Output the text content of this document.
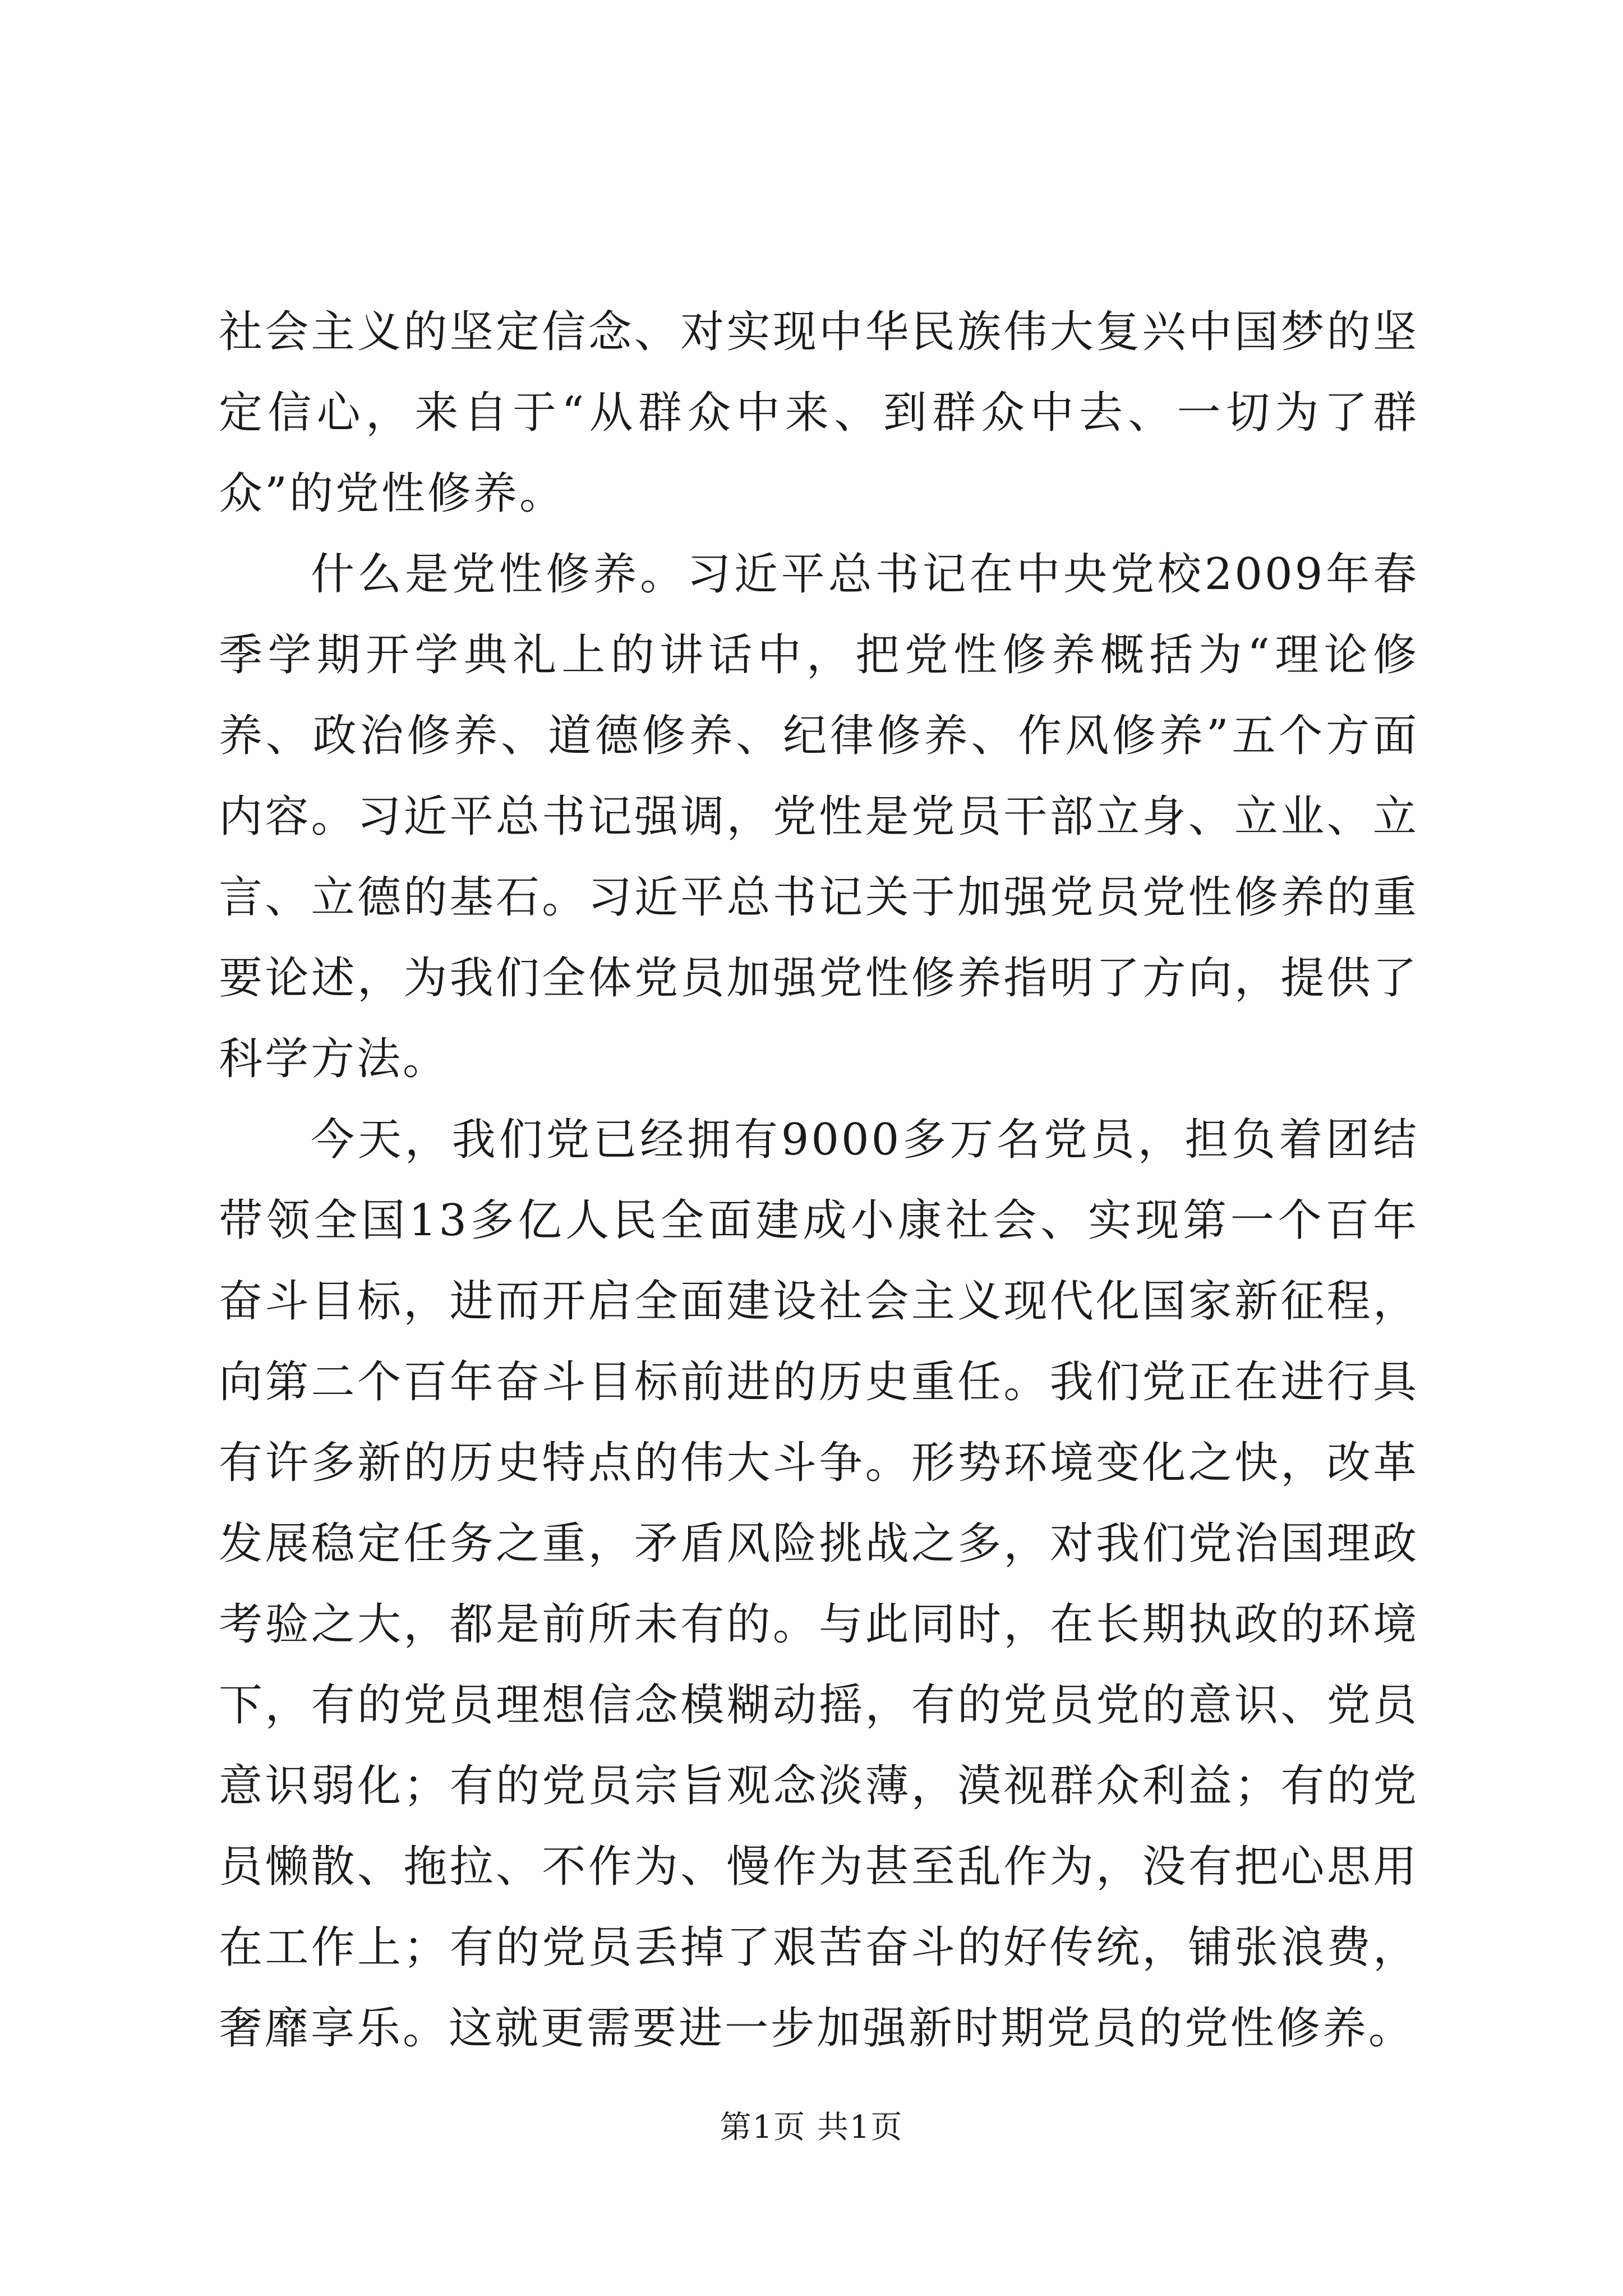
社会主义的坚定信念、对实现中华民族伟大复兴中国梦的坚定信心，来自于“从群众中来、到群众中去、一切为了群众”的党性修养。

什么是党性修养。习近平总书记在中央党校2009年春季学期开学典礼上的讲话中，把党性修养概括为“理论修养、政治修养、道德修养、纪律修养、作风修养”五个方面内容。习近平总书记强调，党性是党员干部立身、立业、立言、立德的基石。习近平总书记关于加强党员党性修养的重要论述，为我们全体党员加强党性修养指明了方向，提供了科学方法。

今天，我们党已经拥有9000多万名党员，担负着团结带领全国13多亿人民全面建成小康社会、实现第一个百年奋斗目标，进而开启全面建设社会主义现代化国家新征程，向第二个百年奋斗目标前进的历史重任。我们党正在进行具有许多新的历史特点的伟大斗争。形势环境变化之快，改革发展稳定任务之重，矛盾风险挑战之多，对我们党治国理政考验之大，都是前所未有的。与此同时，在长期执政的环境下，有的党员理想信念模糊动摇，有的党员党的意识、党员意识弱化；有的党员宗旨观念淡薄，漠视群众利益；有的党员懒散、拖拉、不作为、慢作为甚至乱作为，没有把心思用在工作上；有的党员丢掉了艰苦奋斗的好传统，铺张浪费，奢靡享乐。这就更需要进一步加强新时期党员的党性修养。

第1页 共1页
